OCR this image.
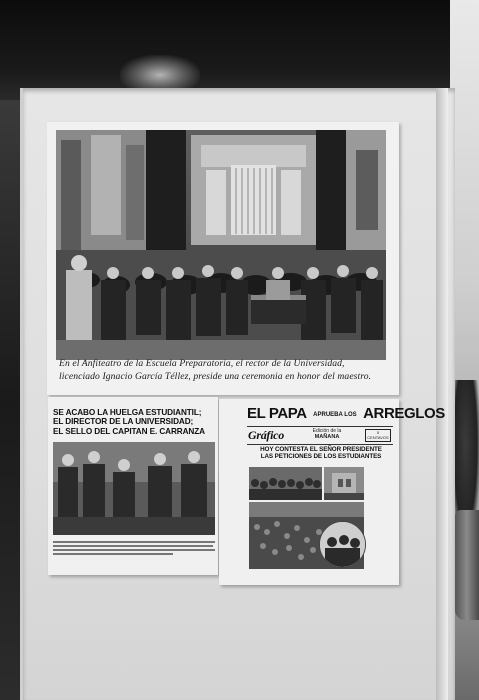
En el Anfiteatro de la Escuela Preparatoria, el rector de la Universidad, licenciado Ignacio García Téllez, preside una ceremonia en honor del maestro.
SE ACABO LA HUELGA ESTUDIANTIL;
EL DIRECTOR DE LA UNIVERSIDAD;
EL SELLO DEL CAPITAN E. CARRANZA
EL PAPA APRUEBA LOS ARREGLOS
Gráfico	Edición de la
MAÑANA
5
CENTAVOS
HOY CONTESTA EL SEÑOR PRESIDENTE
LAS PETICIONES DE LOS ESTUDIANTES
